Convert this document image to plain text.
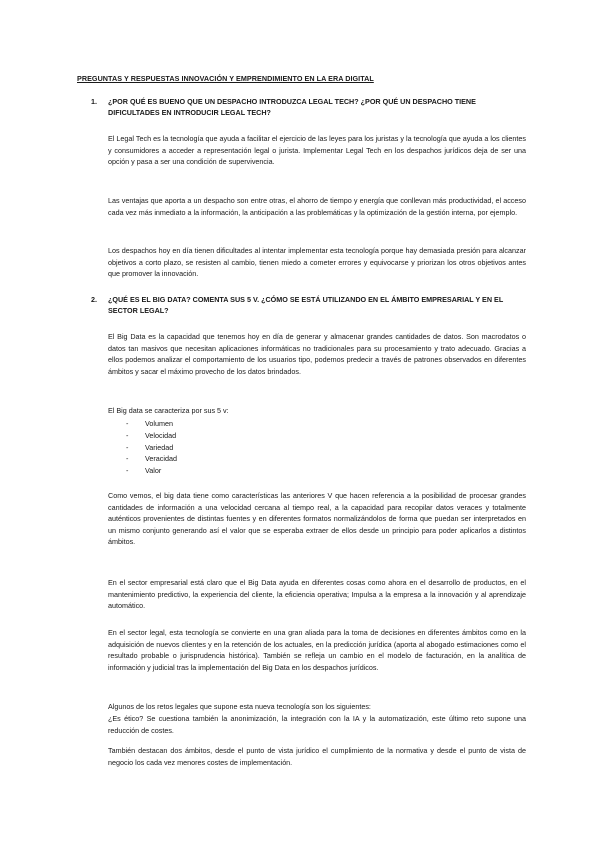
PREGUNTAS Y RESPUESTAS INNOVACIÓN Y EMPRENDIMIENTO EN LA ERA DIGITAL
1. ¿POR QUÉ ES BUENO QUE UN DESPACHO INTRODUZCA LEGAL TECH? ¿POR QUÉ UN DESPACHO TIENE DIFICULTADES EN INTRODUCIR LEGAL TECH?
El Legal Tech es la tecnología que ayuda a facilitar el ejercicio de las leyes para los juristas y la tecnología que ayuda a los clientes y consumidores a acceder a representación legal o jurista. Implementar Legal Tech en los despachos jurídicos deja de ser una opción y pasa a ser una condición de supervivencia.
Las ventajas que aporta a un despacho son entre otras, el ahorro de tiempo y energía que conllevan más productividad, el acceso cada vez más inmediato a la información, la anticipación a las problemáticas y la optimización de la gestión interna, por ejemplo.
Los despachos hoy en día tienen dificultades al intentar implementar esta tecnología porque hay demasiada presión para alcanzar objetivos a corto plazo, se resisten al cambio, tienen miedo a cometer errores y equivocarse y priorizan los otros objetivos antes que promover la innovación.
2. ¿QUÉ ES EL BIG DATA? COMENTA SUS 5 V. ¿CÓMO SE ESTÁ UTILIZANDO EN EL ÁMBITO EMPRESARIAL Y EN EL SECTOR LEGAL?
El Big Data es la capacidad que tenemos hoy en día de generar y almacenar grandes cantidades de datos. Son macrodatos o datos tan masivos que necesitan aplicaciones informáticas no tradicionales para su procesamiento y trato adecuado. Gracias a ellos podemos analizar el comportamiento de los usuarios tipo, podemos predecir a través de patrones observados en diferentes ámbitos y sacar el máximo provecho de los datos brindados.
El Big data se caracteriza por sus 5 v:
- Volumen
- Velocidad
- Variedad
- Veracidad
- Valor
Como vemos, el big data tiene como características las anteriores V que hacen referencia a la posibilidad de procesar grandes cantidades de información a una velocidad cercana al tiempo real, a la capacidad para recopilar datos veraces y totalmente auténticos provenientes de distintas fuentes y en diferentes formatos normalizándolos de forma que puedan ser interpretados en un mismo conjunto generando así el valor que se esperaba extraer de ellos desde un principio para poder aplicarlos a distintos ámbitos.
En el sector empresarial está claro que el Big Data ayuda en diferentes cosas como ahora en el desarrollo de productos, en el mantenimiento predictivo, la experiencia del cliente, la eficiencia operativa; Impulsa a la empresa a la innovación y al aprendizaje automático.
En el sector legal, esta tecnología se convierte en una gran aliada para la toma de decisiones en diferentes ámbitos como en la adquisición de nuevos clientes y en la retención de los actuales, en la predicción jurídica (aporta al abogado estimaciones como el resultado probable o jurisprudencia histórica). También se refleja un cambio en el modelo de facturación, en la analítica de información y judicial tras la implementación del Big Data en los despachos jurídicos.
Algunos de los retos legales que supone esta nueva tecnología son los siguientes:
¿Es ético? Se cuestiona también la anonimización, la integración con la IA y la automatización, este último reto supone una reducción de costes.
También destacan dos ámbitos, desde el punto de vista jurídico el cumplimiento de la normativa y desde el punto de vista de negocio los cada vez menores costes de implementación.
